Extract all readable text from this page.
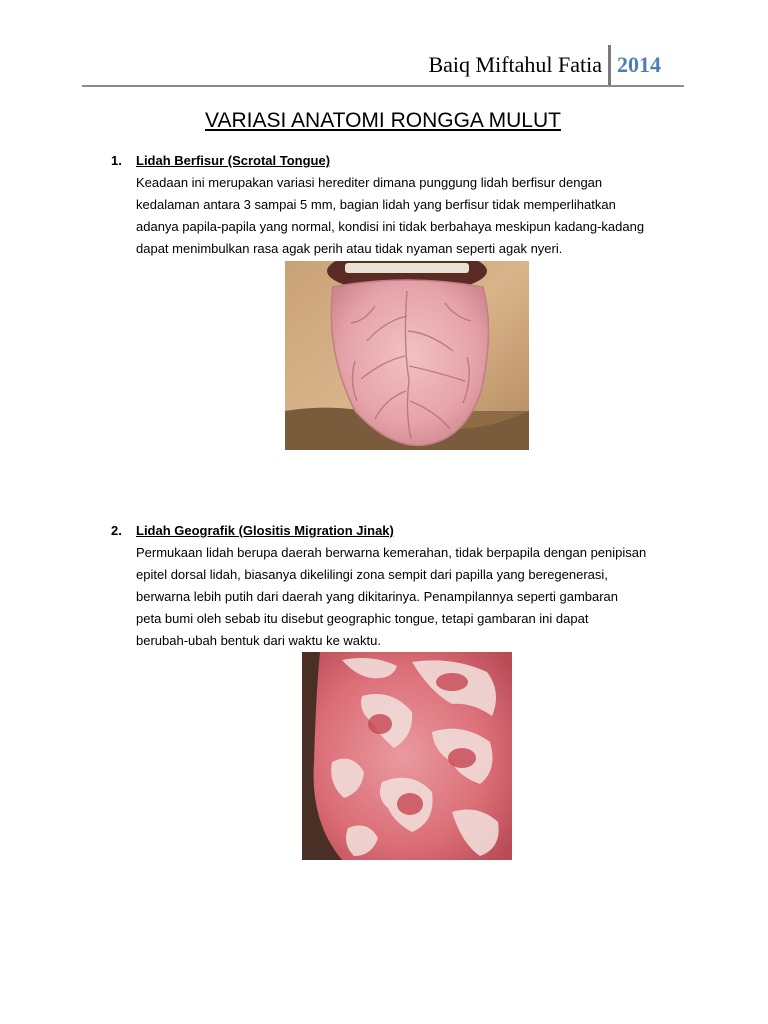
Baiq Miftahul Fatia 2014
VARIASI ANATOMI RONGGA MULUT
1. Lidah Berfisur (Scrotal Tongue)
Keadaan ini merupakan variasi herediter dimana punggung lidah berfisur dengan
kedalaman antara 3 sampai 5 mm, bagian lidah yang berfisur tidak memperlihatkan
adanya papila-papila yang normal, kondisi ini tidak berbahaya meskipun kadang-kadang
dapat menimbulkan rasa agak perih atau tidak nyaman seperti agak nyeri.
2. Lidah Geografik (Glositis Migration Jinak)
Permukaan lidah berupa daerah berwarna kemerahan, tidak berpapila dengan penipisan
epitel dorsal lidah, biasanya dikelilingi zona sempit dari papilla yang beregenerasi,
berwarna lebih putih dari daerah yang dikitarinya. Penampilannya seperti gambaran
peta bumi oleh sebab itu disebut geographic tongue, tetapi gambaran ini dapat
berubah-ubah bentuk dari waktu ke waktu.
